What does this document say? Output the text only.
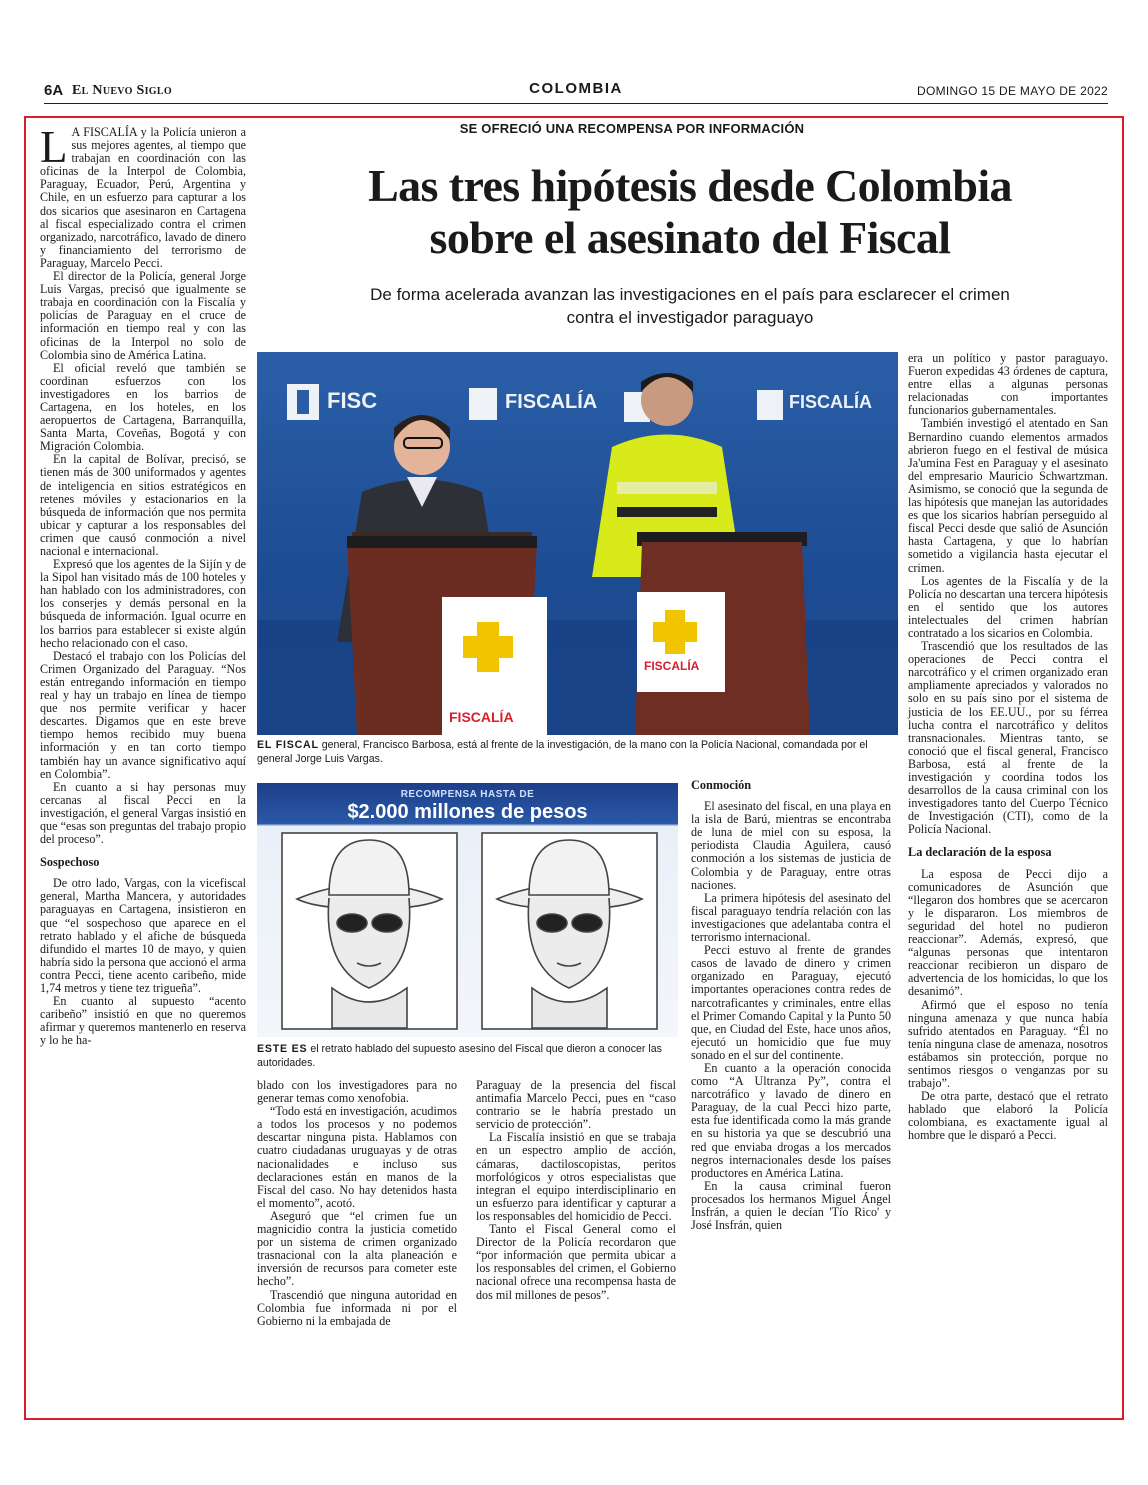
6A El Nuevo Siglo	COLOMBIA	DOMINGO 15 DE MAYO DE 2022
SE OFRECIÓ UNA RECOMPENSA POR INFORMACIÓN
Las tres hipótesis desde Colombia
sobre el asesinato del Fiscal
De forma acelerada avanzan las investigaciones en el país para esclarecer el crimen
contra el investigador paraguayo

L A FISCALÍA y la Policía unieron a sus mejores agentes, al tiempo que trabajan en coordinación con las oficinas de la Interpol de Colombia, Paraguay, Ecuador, Perú, Argentina y Chile, en un esfuerzo para capturar a los dos sicarios que asesinaron en Cartagena al fiscal especializado contra el crimen organizado, narcotráfico, lavado de dinero y financiamiento del terrorismo de Paraguay, Marcelo Pecci.

El director de la Policía, general Jorge Luis Vargas, precisó que igualmente se trabaja en coordinación con la Fiscalía y policías de Paraguay en el cruce de información en tiempo real y con las oficinas de la Interpol no solo de Colombia sino de América Latina.

El oficial reveló que también se coordinan esfuerzos con los investigadores en los barrios de Cartagena, en los hoteles, en los aeropuertos de Cartagena, Barranquilla, Santa Marta, Coveñas, Bogotá y con Migración Colombia.

En la capital de Bolívar, precisó, se tienen más de 300 uniformados y agentes de inteligencia en sitios estratégicos en retenes móviles y estacionarios en la búsqueda de información que nos permita ubicar y capturar a los responsables del crimen que causó conmoción a nivel nacional e internacional.

Expresó que los agentes de la Sijín y de la Sipol han visitado más de 100 hoteles y han hablado con los administradores, con los conserjes y demás personal en la búsqueda de información. Igual ocurre en los barrios para establecer si existe algún hecho relacionado con el caso.

Destacó el trabajo con los Policías del Crimen Organizado del Paraguay. “Nos están entregando información en tiempo real y hay un trabajo en línea de tiempo que nos permite verificar y hacer descartes. Digamos que en este breve tiempo hemos recibido muy buena información y en tan corto tiempo también hay un avance significativo aquí en Colombia”.

En cuanto a si hay personas muy cercanas al fiscal Pecci en la investigación, el general Vargas insistió en que “esas son preguntas del trabajo propio del proceso”.

Sospechoso

De otro lado, Vargas, con la vicefiscal general, Martha Mancera, y autoridades paraguayas en Cartagena, insistieron en que “el sospechoso que aparece en el retrato hablado y el afiche de búsqueda difundido el martes 10 de mayo, y quien habría sido la persona que accionó el arma contra Pecci, tiene acento caribeño, mide 1,74 metros y tiene tez trigueña”.

En cuanto al supuesto “acento caribeño” insistió en que no queremos afirmar y queremos mantenerlo en reserva y lo he ha-

FISC	FISCALÍA	FISCALÍA
FISCALÍA
FISCALÍA
EL FISCAL general, Francisco Barbosa, está al frente de la investigación, de la mano con la Policía Nacional, comandada por el general Jorge Luis Vargas.
RECOMPENSA HASTA DE
$2.000 millones de pesos
ESTE ES el retrato hablado del supuesto asesino del Fiscal que dieron a conocer las autoridades.

blado con los investigadores para no generar temas como xenofobia.

“Todo está en investigación, acudimos a todos los procesos y no podemos descartar ninguna pista. Hablamos con cuatro ciudadanas uruguayas y de otras nacionalidades e incluso sus declaraciones están en manos de la Fiscal del caso. No hay detenidos hasta el momento”, acotó.

Aseguró que “el crimen fue un magnicidio contra la justicia cometido por un sistema de crimen organizado trasnacional con la alta planeación e inversión de recursos para cometer este hecho”.

Trascendió que ninguna autoridad en Colombia fue informada ni por el Gobierno ni la embajada de

Paraguay de la presencia del fiscal antimafia Marcelo Pecci, pues en “caso contrario se le habría prestado un servicio de protección”.

La Fiscalía insistió en que se trabaja en un espectro amplio de acción, cámaras, dactiloscopistas, peritos morfológicos y otros especialistas que integran el equipo interdisciplinario en un esfuerzo para identificar y capturar a los responsables del homicidio de Pecci.

Tanto el Fiscal General como el Director de la Policía recordaron que “por información que permita ubicar a los responsables del crimen, el Gobierno nacional ofrece una recompensa hasta de dos mil millones de pesos”.

Conmoción

El asesinato del fiscal, en una playa en la isla de Barú, mientras se encontraba de luna de miel con su esposa, la periodista Claudia Aguilera, causó conmoción a los sistemas de justicia de Colombia y de Paraguay, entre otras naciones.

La primera hipótesis del asesinato del fiscal paraguayo tendría relación con las investigaciones que adelantaba contra el terrorismo internacional.

Pecci estuvo al frente de grandes casos de lavado de dinero y crimen organizado en Paraguay, ejecutó importantes operaciones contra redes de narcotraficantes y criminales, entre ellas el Primer Comando Capital y la Punto 50 que, en Ciudad del Este, hace unos años, ejecutó un homicidio que fue muy sonado en el sur del continente.

En cuanto a la operación conocida como “A Ultranza Py”, contra el narcotráfico y lavado de dinero en Paraguay, de la cual Pecci hizo parte, esta fue identificada como la más grande en su historia ya que se descubrió una red que enviaba drogas a los mercados negros internacionales desde los países productores en América Latina.

En la causa criminal fueron procesados los hermanos Miguel Ángel Insfrán, a quien le decían 'Tío Rico' y José Insfrán, quien

era un político y pastor paraguayo. Fueron expedidas 43 órdenes de captura, entre ellas a algunas personas relacionadas con importantes funcionarios gubernamentales.

También investigó el atentado en San Bernardino cuando elementos armados abrieron fuego en el festival de música Ja'umina Fest en Paraguay y el asesinato del empresario Mauricio Schwartzman. Asimismo, se conoció que la segunda de las hipótesis que manejan las autoridades es que los sicarios habrían perseguido al fiscal Pecci desde que salió de Asunción hasta Cartagena, y que lo habrían sometido a vigilancia hasta ejecutar el crimen.

Los agentes de la Fiscalía y de la Policía no descartan una tercera hipótesis en el sentido que los autores intelectuales del crimen habrían contratado a los sicarios en Colombia.

Trascendió que los resultados de las operaciones de Pecci contra el narcotráfico y el crimen organizado eran ampliamente apreciados y valorados no solo en su país sino por el sistema de justicia de los EE.UU., por su férrea lucha contra el narcotráfico y delitos transnacionales. Mientras tanto, se conoció que el fiscal general, Francisco Barbosa, está al frente de la investigación y coordina todos los desarrollos de la causa criminal con los investigadores tanto del Cuerpo Técnico de Investigación (CTI), como de la Policía Nacional.

La declaración de la esposa

La esposa de Pecci dijo a comunicadores de Asunción que “llegaron dos hombres que se acercaron y le dispararon. Los miembros de seguridad del hotel no pudieron reaccionar”. Además, expresó, que “algunas personas que intentaron reaccionar recibieron un disparo de advertencia de los homicidas, lo que los desanimó”.

Afirmó que el esposo no tenía ninguna amenaza y que nunca había sufrido atentados en Paraguay. “Él no tenía ninguna clase de amenaza, nosotros estábamos sin protección, porque no sentimos riesgos o venganzas por su trabajo”.

De otra parte, destacó que el retrato hablado que elaboró la Policía colombiana, es exactamente igual al hombre que le disparó a Pecci.
